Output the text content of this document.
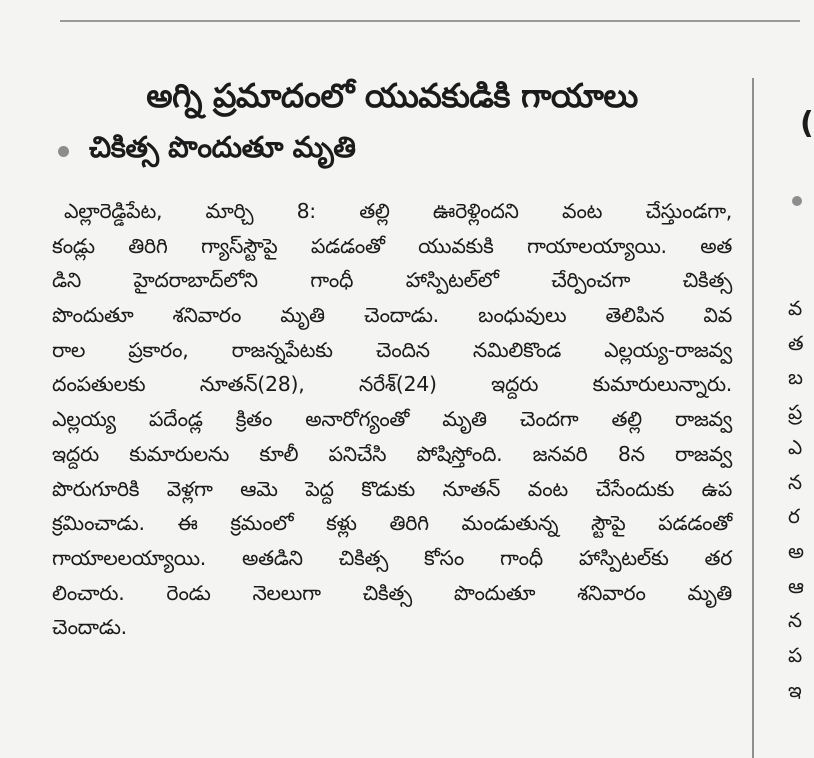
అగ్ని ప్రమాదంలో యువకుడికి గాయాలు
చికిత్స పొందుతూ మృతి
ఎల్లారెడ్డిపేట, మార్చి 8: తల్లి ఊరెళ్లిందని వంట చేస్తుండగా,
కండ్లు తిరిగి గ్యాస్‌స్టౌపై పడడంతో యువకుకి గాయాలయ్యాయి. అత
డిని హైదరాబాద్‌లోని గాంధీ హాస్పిటల్‌లో చేర్పించగా చికిత్స
పొందుతూ శనివారం మృతి చెందాడు. బంధువులు తెలిపిన వివ
రాల ప్రకారం, రాజన్నపేటకు చెందిన నమిలికొండ ఎల్లయ్య-రాజవ్వ
దంపతులకు నూతన్(28), నరేశ్(24) ఇద్దరు కుమారులున్నారు.
ఎల్లయ్య పదేండ్ల క్రితం అనారోగ్యంతో మృతి చెందగా తల్లి రాజవ్వ
ఇద్దరు కుమారులను కూలీ పనిచేసి పోషిస్తోంది. జనవరి 8న రాజవ్వ
పొరుగూరికి వెళ్లగా ఆమె పెద్ద కొడుకు నూతన్ వంట చేసేందుకు ఉప
క్రమించాడు. ఈ క్రమంలో కళ్లు తిరిగి మండుతున్న స్టౌపై పడడంతో
గాయాలలయ్యాయి. అతడిని చికిత్స కోసం గాంధీ హాస్పిటల్‌కు తర
లించారు. రెండు నెలలుగా చికిత్స పొందుతూ శనివారం మృతి
చెందాడు.
(
వ
త
బ
ప్ర
ఎ
న
ర
అ
ఆ
న
ప
ఇ
